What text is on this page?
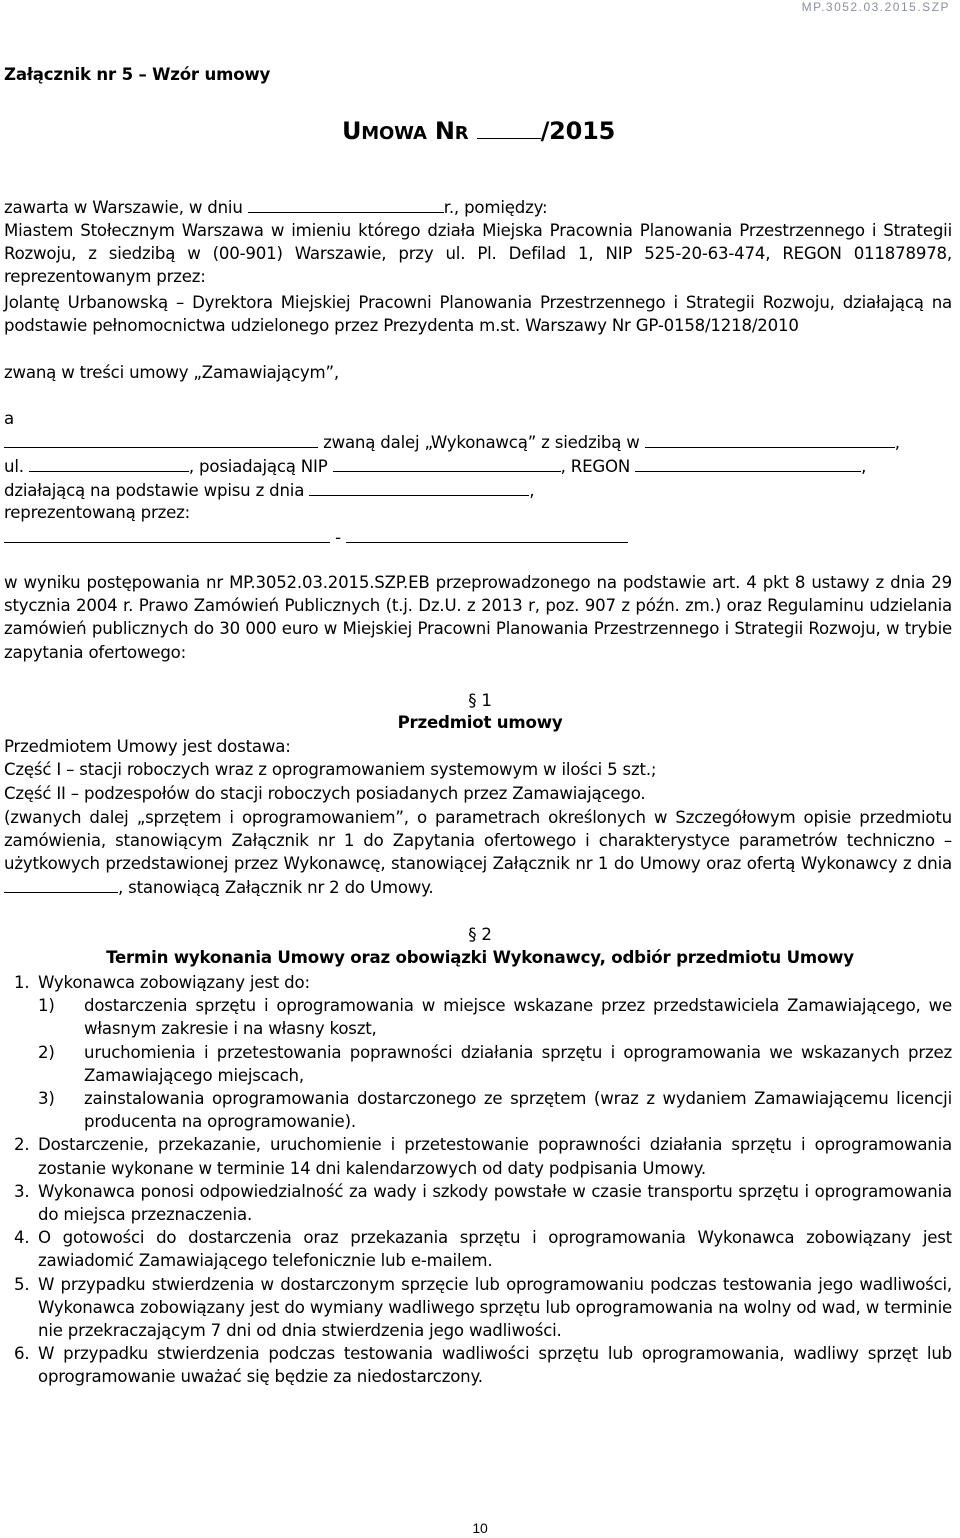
MP.3052.03.2015.SZP
Załącznik nr 5 – Wzór umowy
UMOWA NR	/2015
zawarta w Warszawie, w dniu	r., pomiędzy:
Miastem Stołecznym Warszawa w imieniu którego działa Miejska Pracownia Planowania Przestrzennego i Strategii Rozwoju, z siedzibą w (00-901) Warszawie, przy ul. Pl. Defilad 1, NIP 525-20-63-474, REGON 011878978, reprezentowanym przez:
Jolantę Urbanowską – Dyrektora Miejskiej Pracowni Planowania Przestrzennego i Strategii Rozwoju, działającą na podstawie pełnomocnictwa udzielonego przez Prezydenta m.st. Warszawy Nr GP-0158/1218/2010
zwaną w treści umowy „Zamawiającym”,
a
zwaną dalej „Wykonawcą” z siedzibą w	,
ul.	, posiadającą NIP	, REGON	,
działającą na podstawie wpisu z dnia	,
reprezentowaną przez:
-
w wyniku postępowania nr MP.3052.03.2015.SZP.EB przeprowadzonego na podstawie art. 4 pkt 8 ustawy z dnia 29 stycznia 2004 r. Prawo Zamówień Publicznych (t.j. Dz.U. z 2013 r, poz. 907 z późn. zm.) oraz Regulaminu udzielania zamówień publicznych do 30 000 euro w Miejskiej Pracowni Planowania Przestrzennego i Strategii Rozwoju, w trybie zapytania ofertowego:
§ 1
Przedmiot umowy
Przedmiotem Umowy jest dostawa:
Część I – stacji roboczych wraz z oprogramowaniem systemowym w ilości 5 szt.;
Część II – podzespołów do stacji roboczych posiadanych przez Zamawiającego.
(zwanych dalej „sprzętem i oprogramowaniem”, o parametrach określonych w Szczegółowym opisie przedmiotu zamówienia, stanowiącym Załącznik nr 1 do Zapytania ofertowego i charakterystyce parametrów techniczno – użytkowych przedstawionej przez Wykonawcę, stanowiącej Załącznik nr 1 do Umowy oraz ofertą Wykonawcy z dnia , stanowiącą Załącznik nr 2 do Umowy.
§ 2
Termin wykonania Umowy oraz obowiązki Wykonawcy, odbiór przedmiotu Umowy
1. Wykonawca zobowiązany jest do:
1) dostarczenia sprzętu i oprogramowania w miejsce wskazane przez przedstawiciela Zamawiającego, we własnym zakresie i na własny koszt,
2) uruchomienia i przetestowania poprawności działania sprzętu i oprogramowania we wskazanych przez Zamawiającego miejscach,
3) zainstalowania oprogramowania dostarczonego ze sprzętem (wraz z wydaniem Zamawiającemu licencji producenta na oprogramowanie).
2. Dostarczenie, przekazanie, uruchomienie i przetestowanie poprawności działania sprzętu i oprogramowania zostanie wykonane w terminie 14 dni kalendarzowych od daty podpisania Umowy.
3. Wykonawca ponosi odpowiedzialność za wady i szkody powstałe w czasie transportu sprzętu i oprogramowania do miejsca przeznaczenia.
4. O gotowości do dostarczenia oraz przekazania sprzętu i oprogramowania Wykonawca zobowiązany jest zawiadomić Zamawiającego telefonicznie lub e-mailem.
5. W przypadku stwierdzenia w dostarczonym sprzęcie lub oprogramowaniu podczas testowania jego wadliwości, Wykonawca zobowiązany jest do wymiany wadliwego sprzętu lub oprogramowania na wolny od wad, w terminie nie przekraczającym 7 dni od dnia stwierdzenia jego wadliwości.
6. W przypadku stwierdzenia podczas testowania wadliwości sprzętu lub oprogramowania, wadliwy sprzęt lub oprogramowanie uważać się będzie za niedostarczony.
10
